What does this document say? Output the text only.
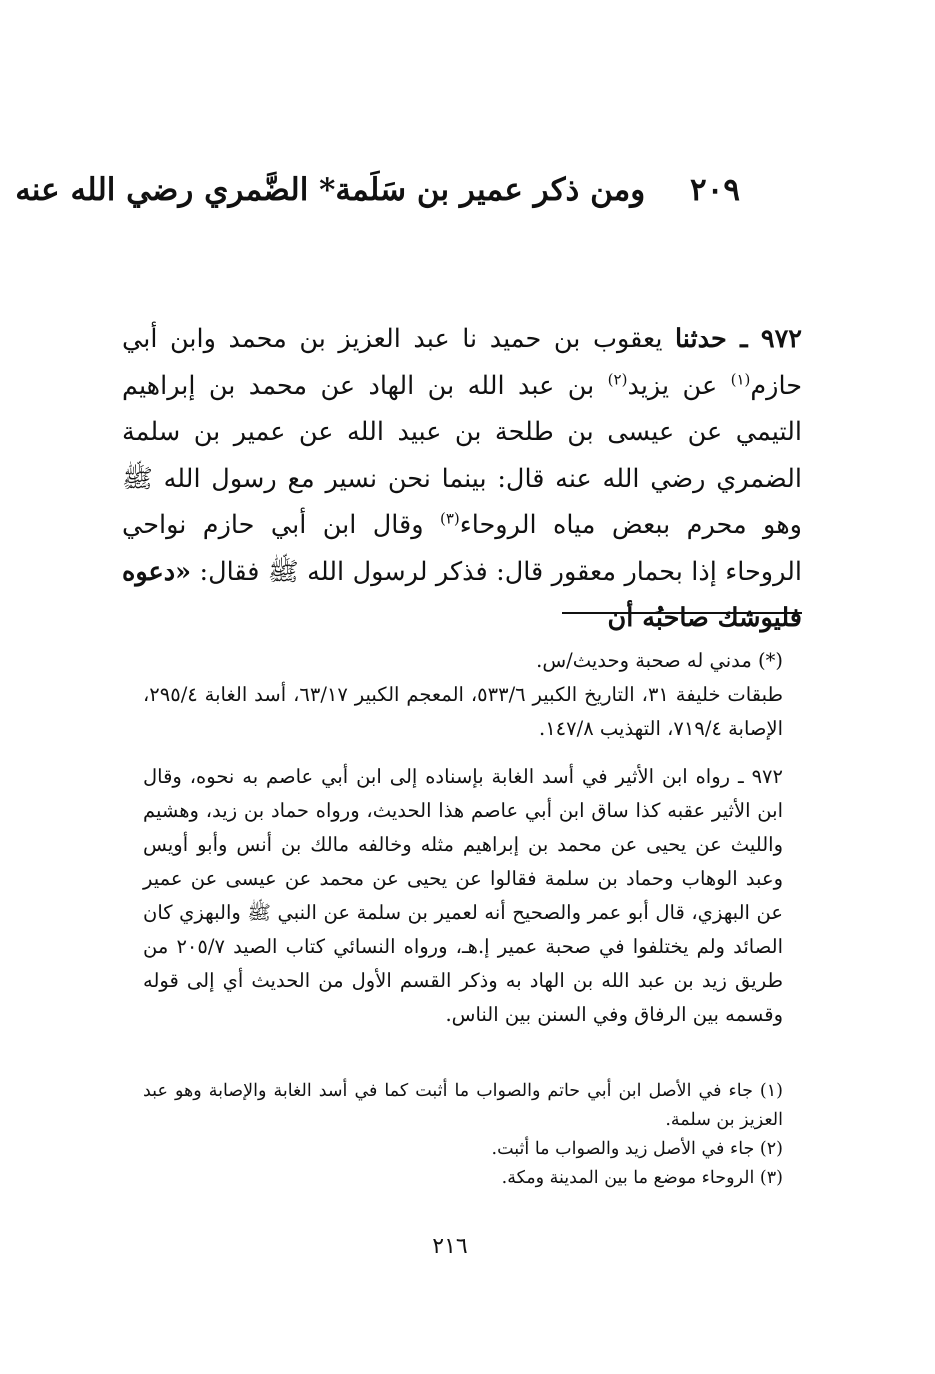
٢٠٩ ومن ذكر عمير بن سَلَمة* الضَّمري رضي الله عنه
٩٧٢ ـ حدثنا يعقوب بن حميد نا عبد العزيز بن محمد وابن أبي حازم$^{(١)}$ عن يزيد$^{(٢)}$ بن عبد الله بن الهاد عن محمد بن إبراهيم التيمي عن عيسى بن طلحة بن عبيد الله عن عمير بن سلمة الضمري رضي الله عنه قال: بينما نحن نسير مع رسول الله ﷺ وهو محرم ببعض مياه الروحاء$^{(٣)}$ وقال ابن أبي حازم نواحي الروحاء إذا بحمار معقور قال: فذكر لرسول الله ﷺ فقال: «دعوه فليوشك صاحبُه أن
(*) مدني له صحبة وحديث/س.
طبقات خليفة ٣١، التاريخ الكبير ٥٣٣/٦، المعجم الكبير ٦٣/١٧، أسد الغابة ٢٩٥/٤، الإصابة ٧١٩/٤، التهذيب ١٤٧/٨.
٩٧٢ ـ رواه ابن الأثير في أسد الغابة بإسناده إلى ابن أبي عاصم به نحوه، وقال ابن الأثير عقبه كذا ساق ابن أبي عاصم هذا الحديث، ورواه حماد بن زيد، وهشيم والليث عن يحيى عن محمد بن إبراهيم مثله وخالفه مالك بن أنس وأبو أويس وعبد الوهاب وحماد بن سلمة فقالوا عن يحيى عن محمد عن عيسى عن عمير عن البهزي، قال أبو عمر والصحيح أنه لعمير بن سلمة عن النبي ﷺ والبهزي كان الصائد ولم يختلفوا في صحبة عمير إ.هـ، ورواه النسائي كتاب الصيد ٢٠٥/٧ من طريق زيد بن عبد الله بن الهاد به وذكر القسم الأول من الحديث أي إلى قوله وقسمه بين الرفاق وفي السنن بين الناس.
(١) جاء في الأصل ابن أبي حاتم والصواب ما أثبت كما في أسد الغابة والإصابة وهو عبد العزيز بن سلمة.
(٢) جاء في الأصل زيد والصواب ما أثبت.
(٣) الروحاء موضع ما بين المدينة ومكة.
٢١٦
